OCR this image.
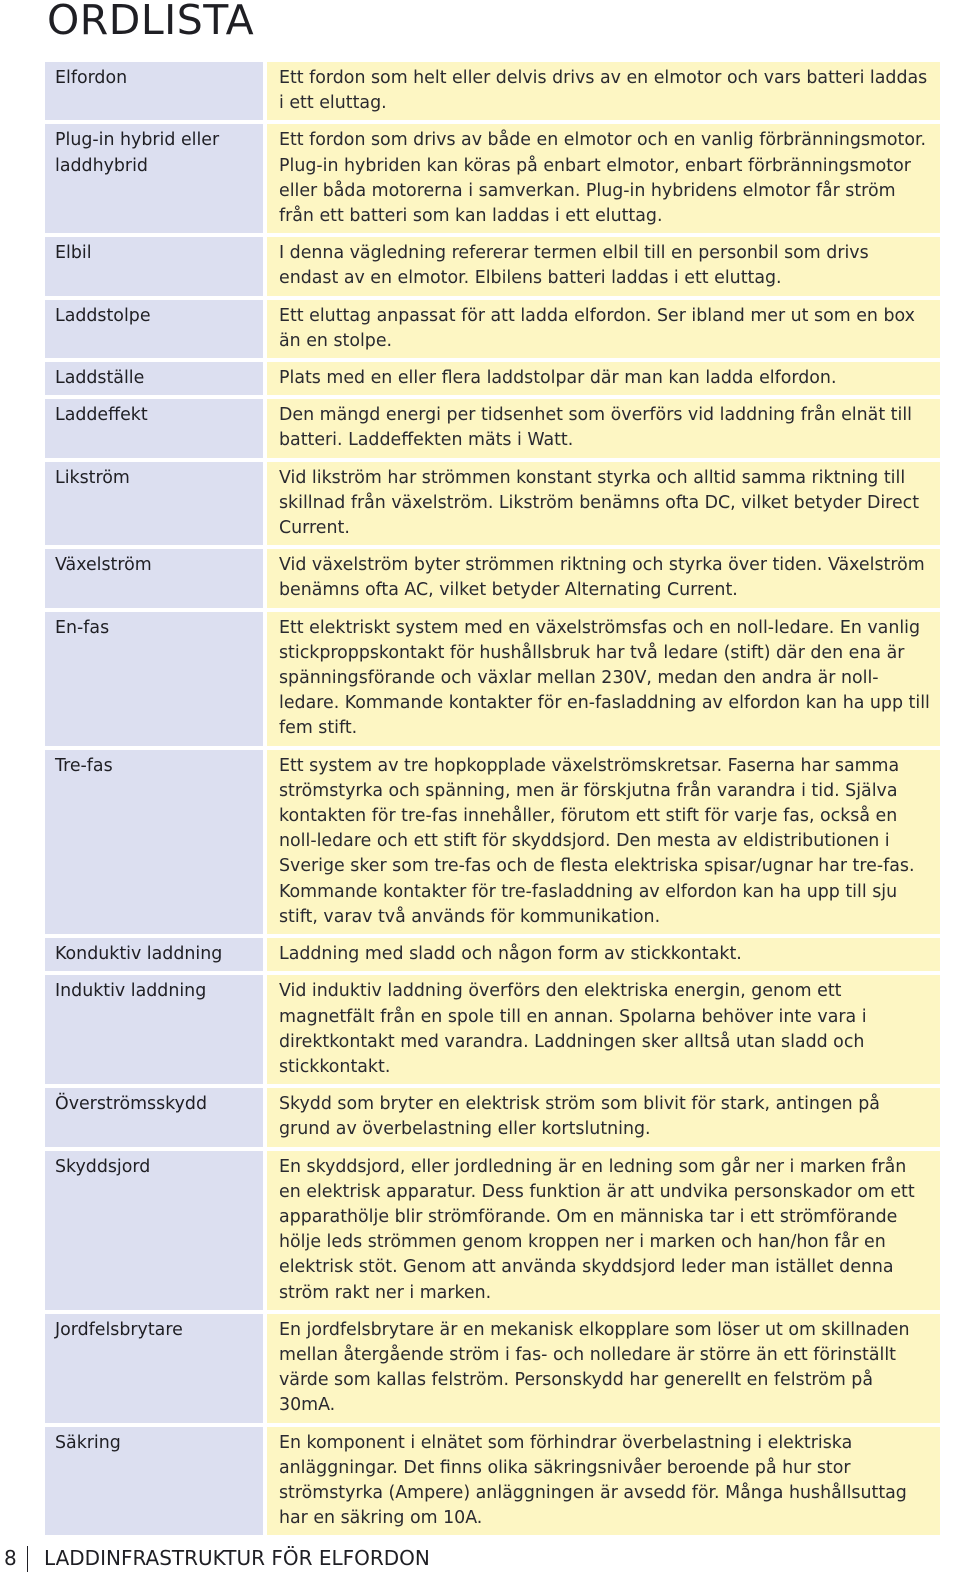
ORDLISTA
Elfordon	Ett fordon som helt eller delvis drivs av en elmotor och vars batteri laddas i ett eluttag.
Plug-in hybrid eller laddhybrid	Ett fordon som drivs av både en elmotor och en vanlig förbränningsmotor. Plug-in hybriden kan köras på enbart elmotor, enbart förbränningsmotor eller båda motorerna i samverkan. Plug-in hybridens elmotor får ström från ett batteri som kan laddas i ett eluttag.
Elbil	I denna vägledning refererar termen elbil till en personbil som drivs endast av en elmotor. Elbilens batteri laddas i ett eluttag.
Laddstolpe	Ett eluttag anpassat för att ladda elfordon. Ser ibland mer ut som en box än en stolpe.
Laddställe	Plats med en eller flera laddstolpar där man kan ladda elfordon.
Laddeffekt	Den mängd energi per tidsenhet som överförs vid laddning från elnät till batteri. Laddeffekten mäts i Watt.
Likström	Vid likström har strömmen konstant styrka och alltid samma riktning till skillnad från växelström. Likström benämns ofta DC, vilket betyder Direct Current.
Växelström	Vid växelström byter strömmen riktning och styrka över tiden. Växelström benämns ofta AC, vilket betyder Alternating Current.
En-fas	Ett elektriskt system med en växelströmsfas och en noll-ledare. En vanlig stickproppskontakt för hushållsbruk har två ledare (stift) där den ena är spänningsförande och växlar mellan 230V, medan den andra är noll-ledare. Kommande kontakter för en-fasladdning av elfordon kan ha upp till fem stift.
Tre-fas	Ett system av tre hopkopplade växelströmskretsar. Faserna har samma strömstyrka och spänning, men är förskjutna från varandra i tid. Själva kontakten för tre-fas innehåller, förutom ett stift för varje fas, också en noll-ledare och ett stift för skyddsjord. Den mesta av eldistributionen i Sverige sker som tre-fas och de flesta elektriska spisar/ugnar har tre-fas. Kommande kontakter för tre-fasladdning av elfordon kan ha upp till sju stift, varav två används för kommunikation.
Konduktiv laddning	Laddning med sladd och någon form av stickkontakt.
Induktiv laddning	Vid induktiv laddning överförs den elektriska energin, genom ett magnetfält från en spole till en annan. Spolarna behöver inte vara i direktkontakt med varandra. Laddningen sker alltså utan sladd och stickkontakt.
Överströmsskydd	Skydd som bryter en elektrisk ström som blivit för stark, antingen på grund av överbelastning eller kortslutning.
Skyddsjord	En skyddsjord, eller jordledning är en ledning som går ner i marken från en elektrisk apparatur. Dess funktion är att undvika personskador om ett apparathölje blir strömförande. Om en människa tar i ett strömförande hölje leds strömmen genom kroppen ner i marken och han/hon får en elektrisk stöt. Genom att använda skyddsjord leder man istället denna ström rakt ner i marken.
Jordfelsbrytare	En jordfelsbrytare är en mekanisk elkopplare som löser ut om skillnaden mellan återgående ström i fas- och nolledare är större än ett förinställt värde som kallas felström. Personskydd har generellt en felström på 30mA.
Säkring	En komponent i elnätet som förhindrar överbelastning i elektriska anläggningar. Det finns olika säkringsnivåer beroende på hur stor strömstyrka (Ampere) anläggningen är avsedd för. Många hushållsuttag har en säkring om 10A.
8 LADDINFRASTRUKTUR FÖR ELFORDON
